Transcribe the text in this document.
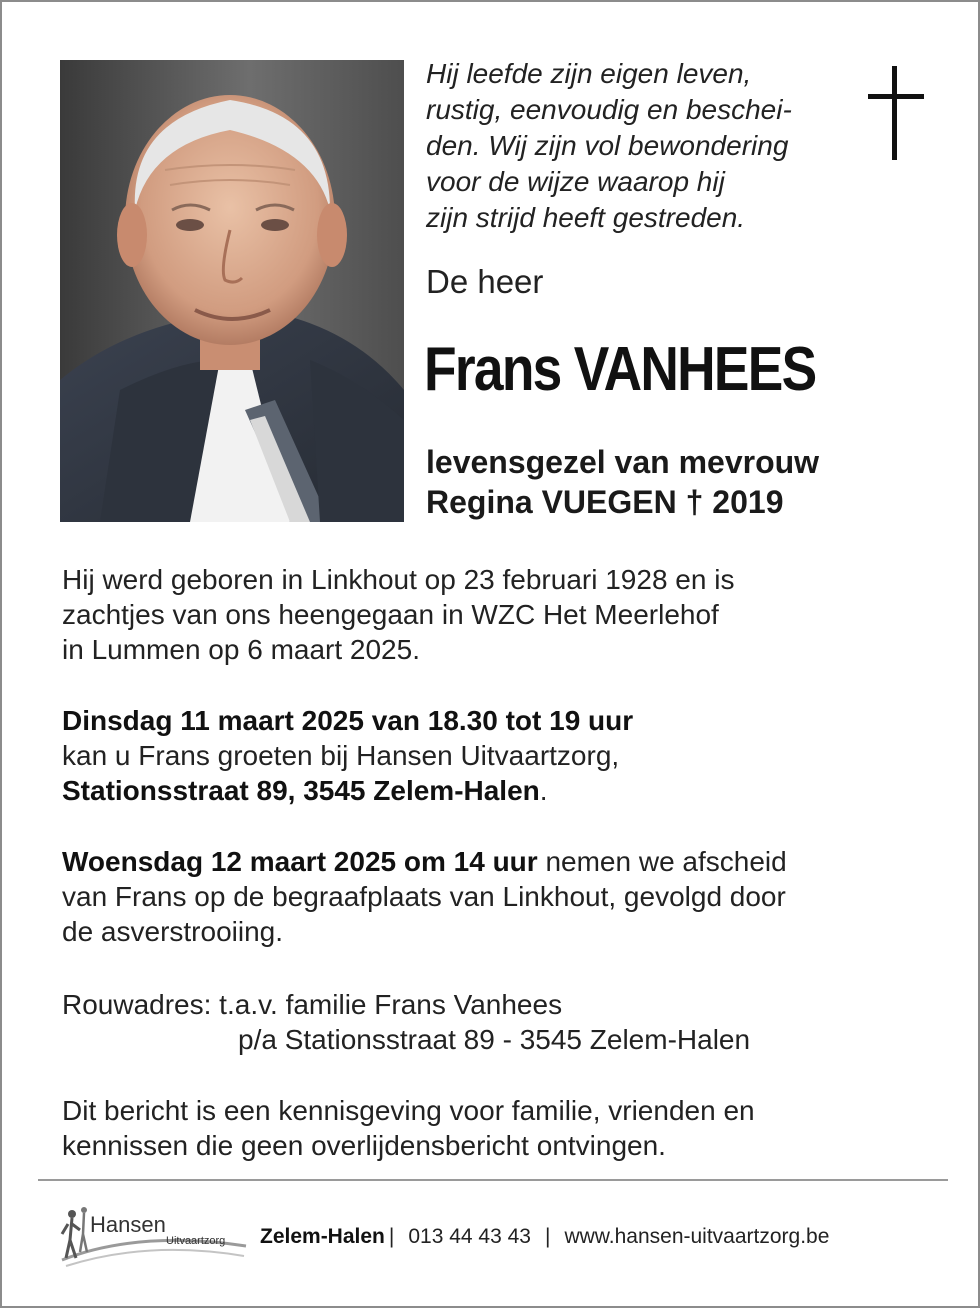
Hij leefde zijn eigen leven,
rustig, eenvoudig en beschei-
den. Wij zijn vol bewondering
voor de wijze waarop hij
zijn strijd heeft gestreden.
De heer
Frans VANHEES
levensgezel van mevrouw
Regina VUEGEN † 2019
Hij werd geboren in Linkhout op 23 februari 1928 en is
zachtjes van ons heengegaan in WZC Het Meerlehof
in Lummen op 6 maart 2025.
Dinsdag 11 maart 2025 van 18.30 tot 19 uur
kan u Frans groeten bij Hansen Uitvaartzorg,
Stationsstraat 89, 3545 Zelem-Halen.
Woensdag 12 maart 2025 om 14 uur nemen we afscheid
van Frans op de begraafplaats van Linkhout, gevolgd door
de asverstrooiing.
Rouwadres: t.a.v. familie Frans Vanhees
p/a Stationsstraat 89 - 3545 Zelem-Halen
Dit bericht is een kennisgeving voor familie, vrienden en
kennissen die geen overlijdensbericht ontvingen.
Hansen
Uitvaartzorg Zelem-Halen | 013 44 43 43 | www.hansen-uitvaartzorg.be
